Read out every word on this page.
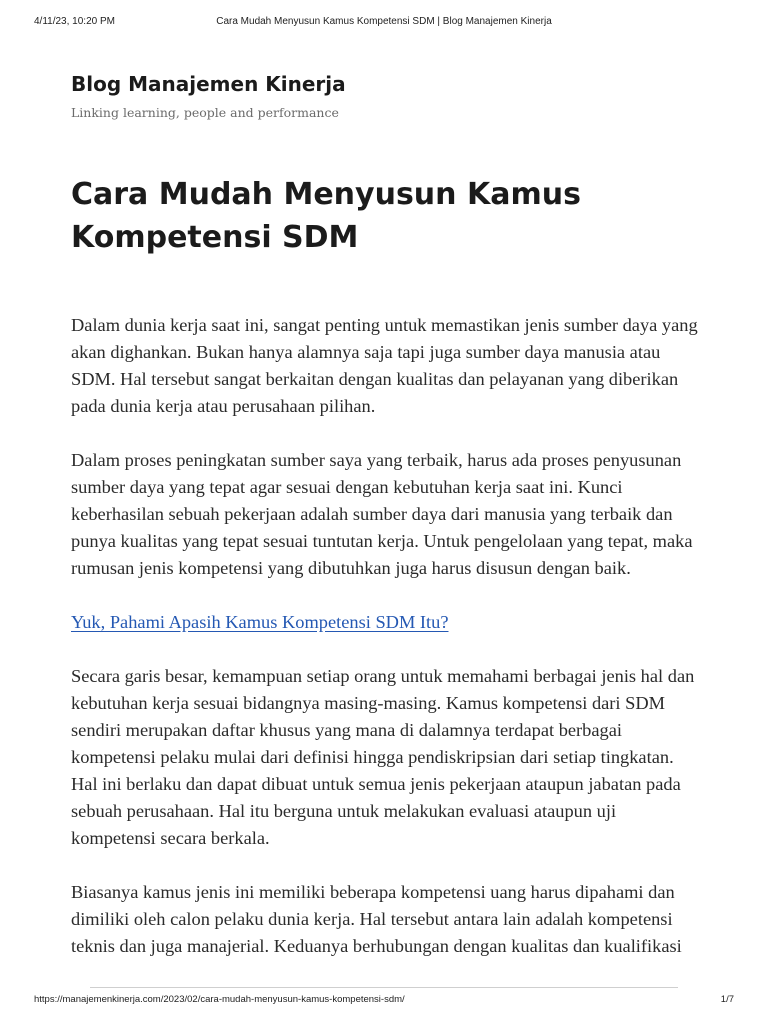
4/11/23, 10:20 PM	Cara Mudah Menyusun Kamus Kompetensi SDM | Blog Manajemen Kinerja
Blog Manajemen Kinerja

Linking learning, people and performance

Cara Mudah Menyusun Kamus Kompetensi SDM

Dalam dunia kerja saat ini, sangat penting untuk memastikan jenis sumber daya yang akan dighankan. Bukan hanya alamnya saja tapi juga sumber daya manusia atau SDM. Hal tersebut sangat berkaitan dengan kualitas dan pelayanan yang diberikan pada dunia kerja atau perusahaan pilihan.

Dalam proses peningkatan sumber saya yang terbaik, harus ada proses penyusunan sumber daya yang tepat agar sesuai dengan kebutuhan kerja saat ini. Kunci keberhasilan sebuah pekerjaan adalah sumber daya dari manusia yang terbaik dan punya kualitas yang tepat sesuai tuntutan kerja. Untuk pengelolaan yang tepat, maka rumusan jenis kompetensi yang dibutuhkan juga harus disusun dengan baik.

Yuk, Pahami Apasih Kamus Kompetensi SDM Itu?

Secara garis besar, kemampuan setiap orang untuk memahami berbagai jenis hal dan kebutuhan kerja sesuai bidangnya masing-masing. Kamus kompetensi dari SDM sendiri merupakan daftar khusus yang mana di dalamnya terdapat berbagai kompetensi pelaku mulai dari definisi hingga pendiskripsian dari setiap tingkatan. Hal ini berlaku dan dapat dibuat untuk semua jenis pekerjaan ataupun jabatan pada sebuah perusahaan. Hal itu berguna untuk melakukan evaluasi ataupun uji kompetensi secara berkala.

Biasanya kamus jenis ini memiliki beberapa kompetensi uang harus dipahami dan dimiliki oleh calon pelaku dunia kerja. Hal tersebut antara lain adalah kompetensi teknis dan juga manajerial. Keduanya berhubungan dengan kualitas dan kualifikasi

https://manajemenkinerja.com/2023/02/cara-mudah-menyusun-kamus-kompetensi-sdm/	1/7
